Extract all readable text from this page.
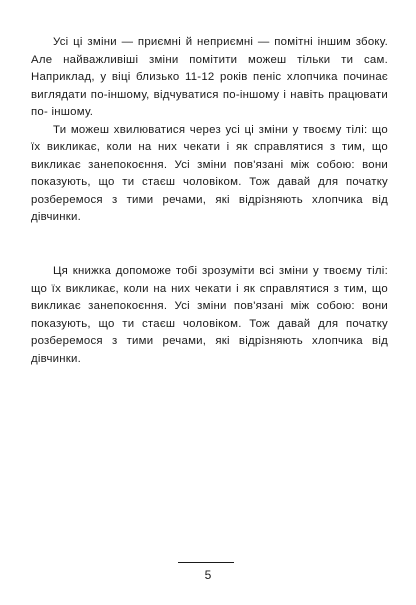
Усі ці зміни — приємні й неприємні — помітні іншим збоку. Але найважливіші зміни помітити можеш тільки ти сам. Наприклад, у віці близько 11-12 років пеніс хлопчика починає виглядати по-іншому, відчуватися по-іншому і навіть працювати по- іншому.

Ти можеш хвилюватися через усі ці зміни у твоєму тілі: що їх викликає, коли на них чекати і як справлятися з тим, що викликає занепокоєння. Усі зміни пов'язані між собою: вони показують, що ти стаєш чоловіком. Тож давай для початку розберемося з тими речами, які відрізняють хлопчика від дівчинки.

Ця книжка допоможе тобі зрозуміти всі зміни у твоєму тілі: що їх викликає, коли на них чекати і як справлятися з тим, що викликає занепокоєння. Усі зміни пов'язані між собою: вони показують, що ти стаєш чоловіком. Тож давай для початку розберемося з тими речами, які відрізняють хлопчика від дівчинки.

5
